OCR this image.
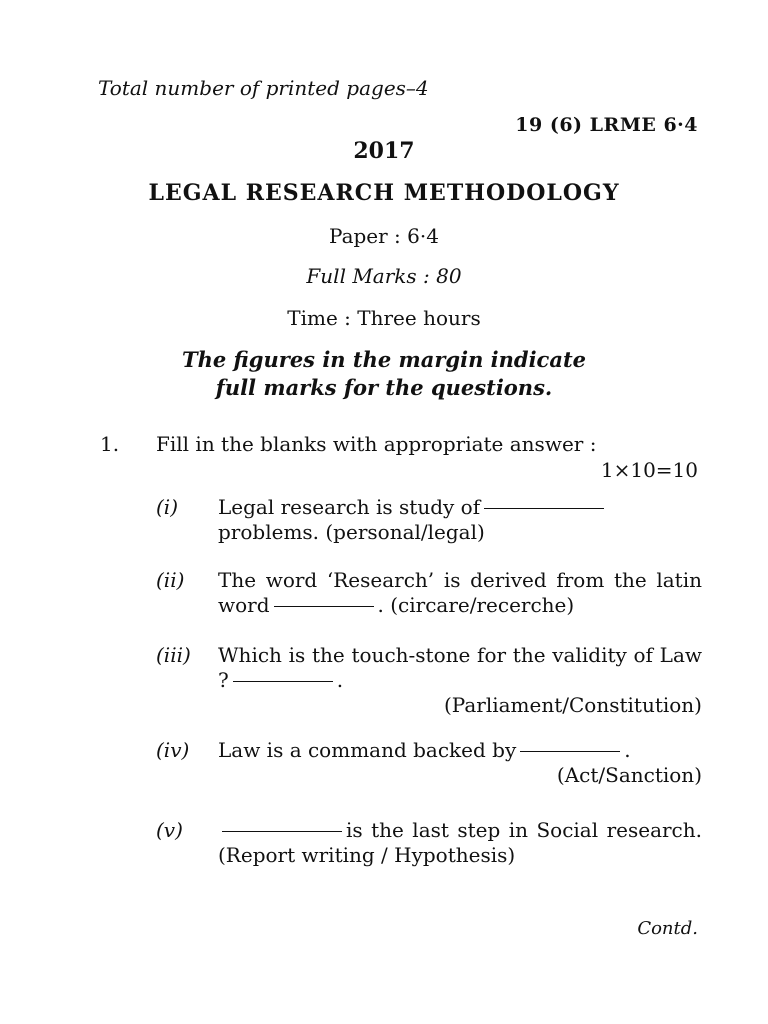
Total number of printed pages–4
19 (6) LRME 6·4
2017
LEGAL RESEARCH METHODOLOGY
Paper : 6·4
Full Marks : 80
Time : Three hours
The figures in the margin indicate
full marks for the questions.
1. Fill in the blanks with appropriate answer :
1×10=10
(i) Legal research is study of
problems. (personal/legal)
(ii) The word ‘Research’ is derived from the latin word	. (circare/recerche)
(iii) Which is the touch-stone for the validity of Law ?	.
(Parliament/Constitution)
(iv) Law is a command backed by	.
(Act/Sanction)
(v)	is the last step in Social research. (Report writing / Hypothesis)
Contd.
